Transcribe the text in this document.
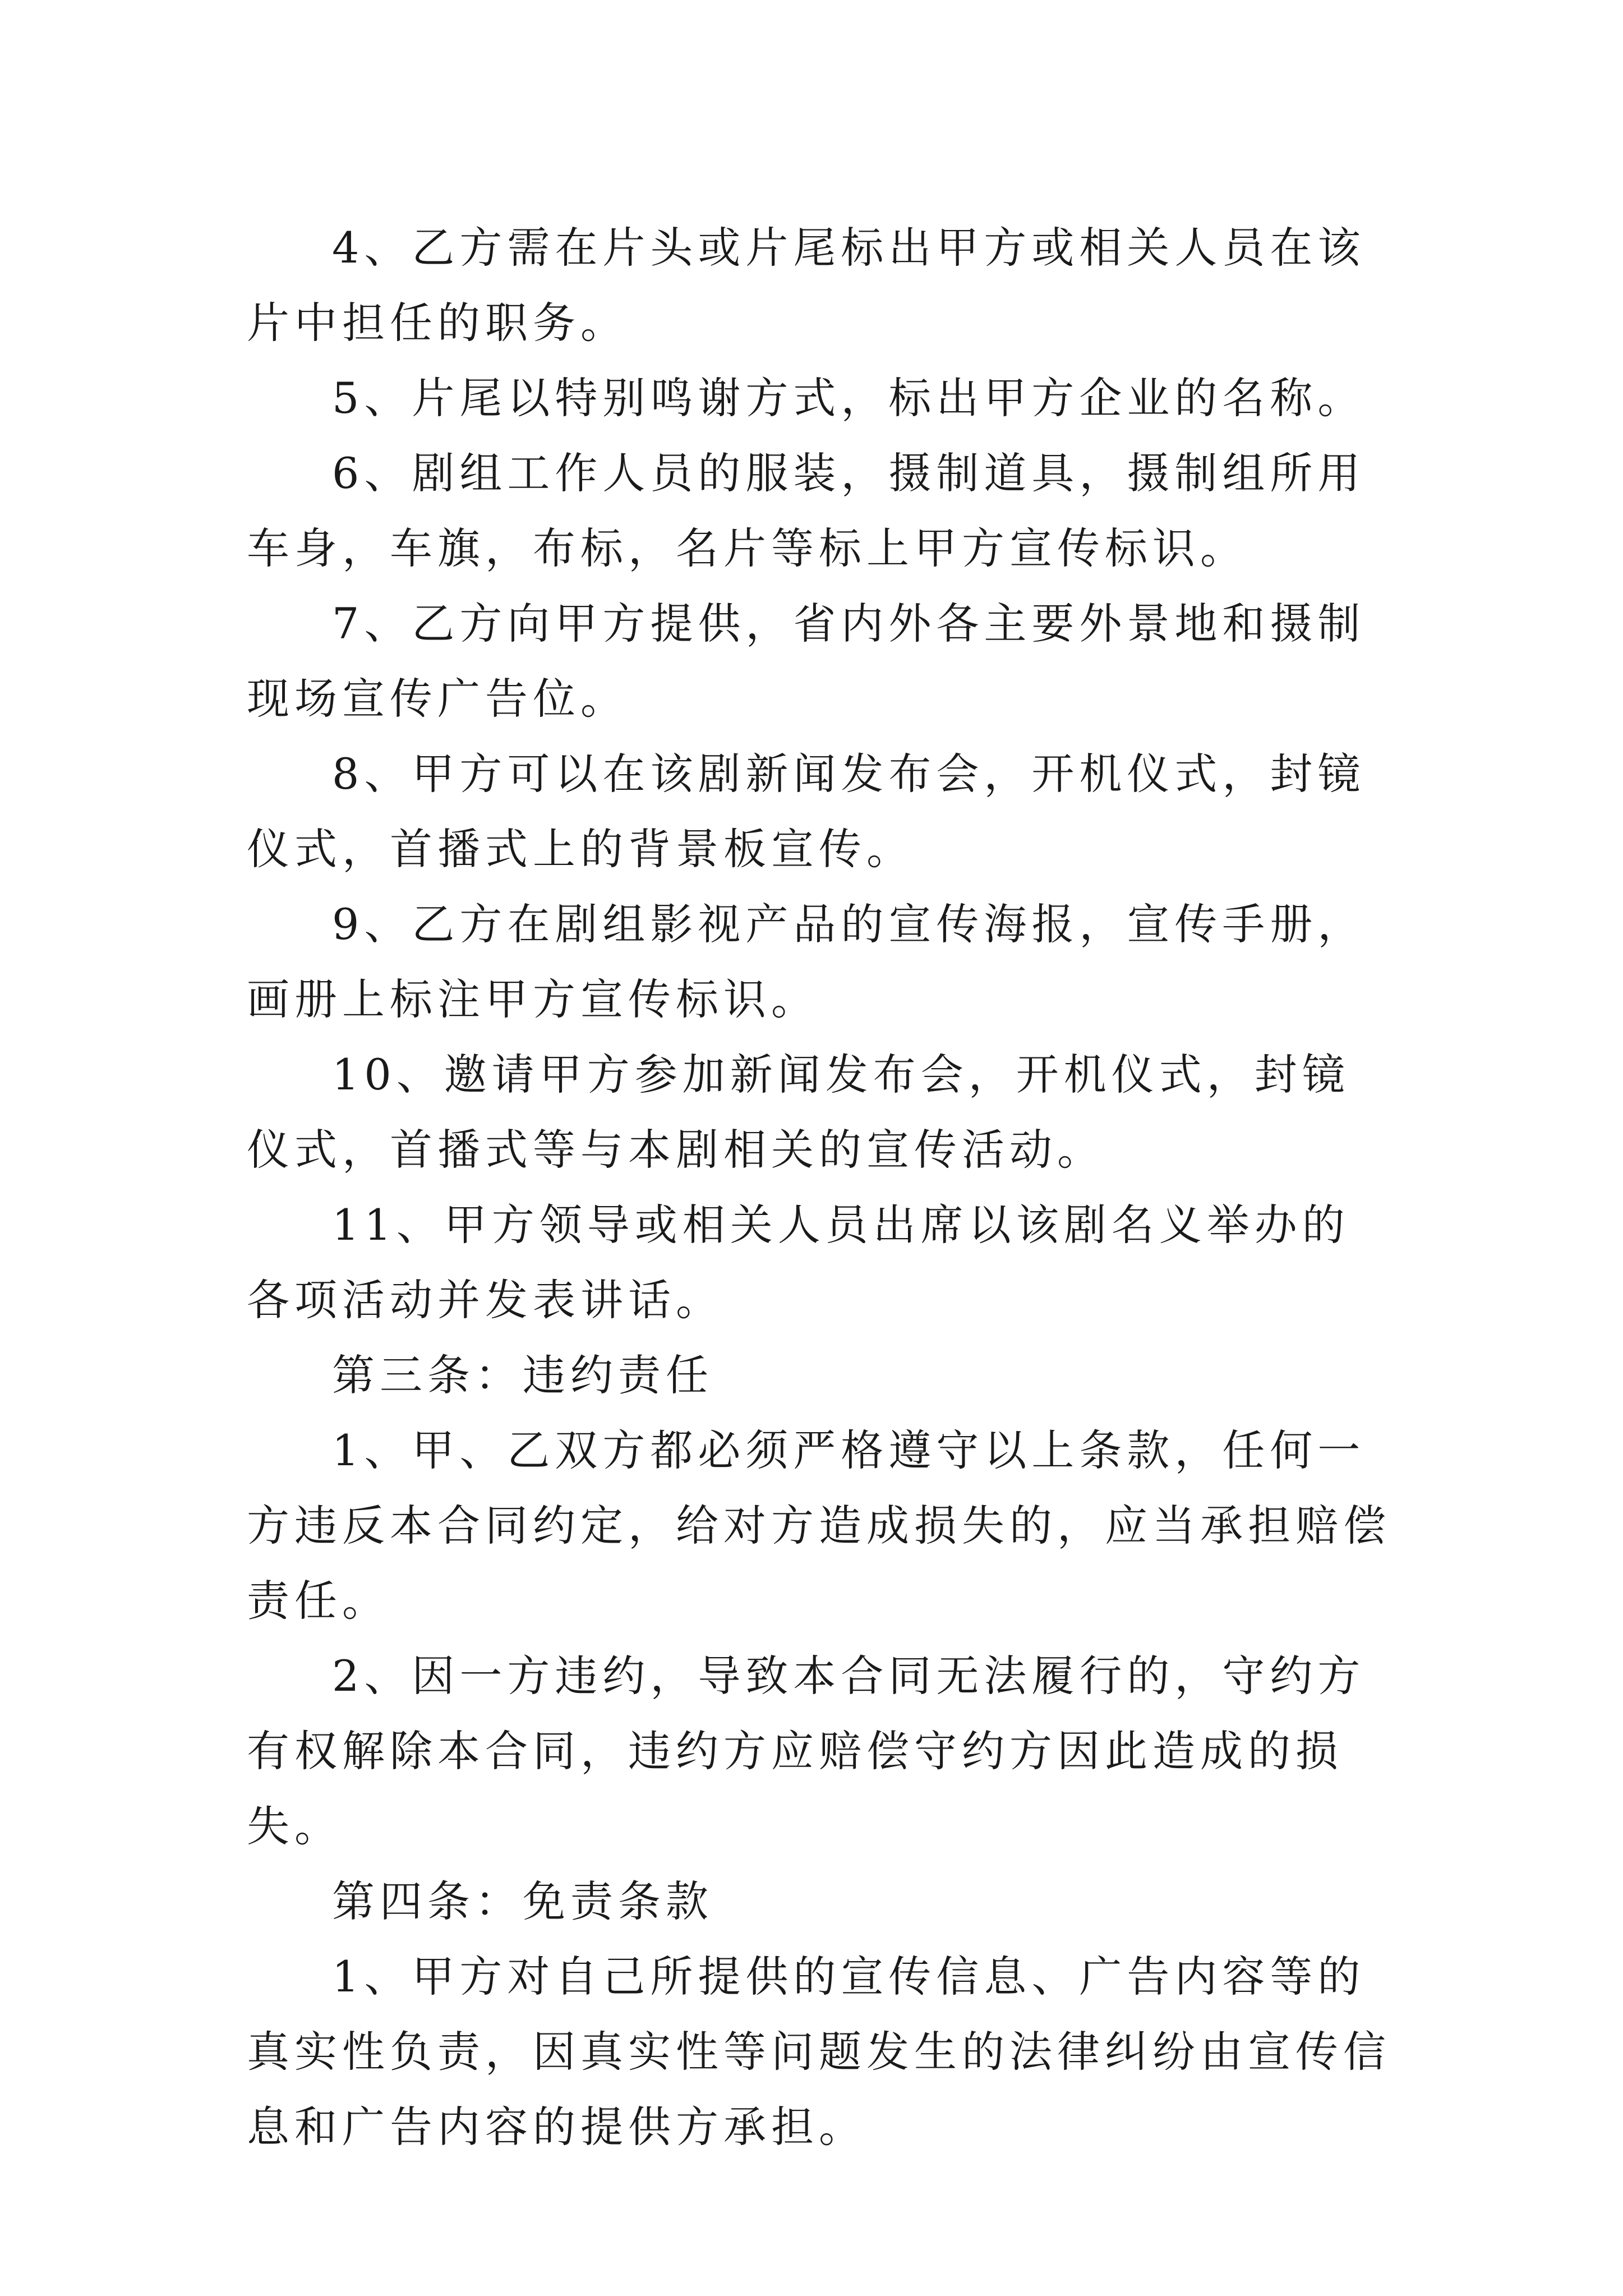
4、乙方需在片头或片尾标出甲方或相关人员在该片中担任的职务。

5、片尾以特别鸣谢方式，标出甲方企业的名称。

6、剧组工作人员的服装，摄制道具，摄制组所用车身，车旗，布标，名片等标上甲方宣传标识。

7、乙方向甲方提供，省内外各主要外景地和摄制现场宣传广告位。

8、甲方可以在该剧新闻发布会，开机仪式，封镜仪式，首播式上的背景板宣传。

9、乙方在剧组影视产品的宣传海报，宣传手册，画册上标注甲方宣传标识。

10、邀请甲方参加新闻发布会，开机仪式，封镜仪式，首播式等与本剧相关的宣传活动。

11、甲方领导或相关人员出席以该剧名义举办的各项活动并发表讲话。

第三条：违约责任

1、甲、乙双方都必须严格遵守以上条款，任何一方违反本合同约定，给对方造成损失的，应当承担赔偿责任。

2、因一方违约，导致本合同无法履行的，守约方有权解除本合同，违约方应赔偿守约方因此造成的损失。

第四条：免责条款

1、甲方对自己所提供的宣传信息、广告内容等的真实性负责，因真实性等问题发生的法律纠纷由宣传信息和广告内容的提供方承担。
